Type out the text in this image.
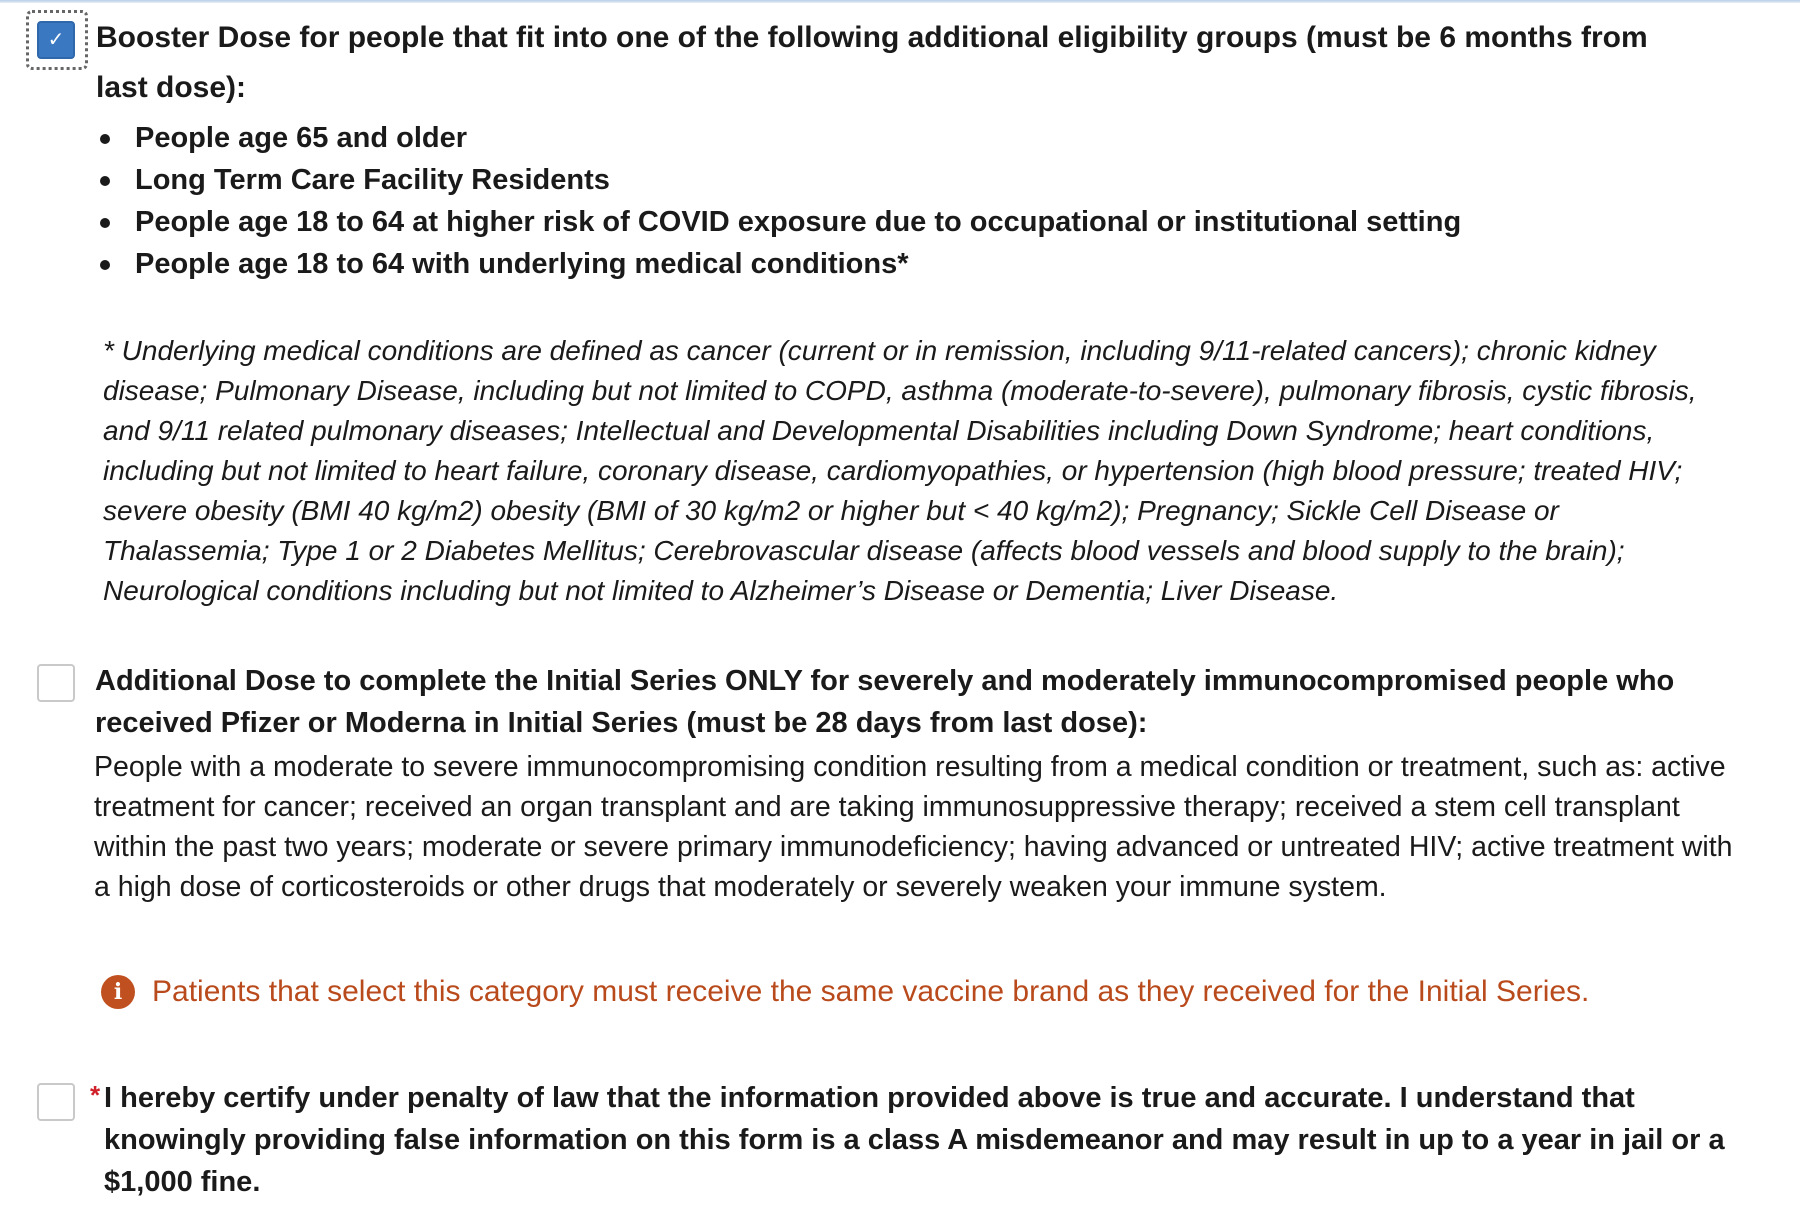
✓ Booster Dose for people that fit into one of the following additional eligibility groups (must be 6 months from last dose):

People age 65 and older
Long Term Care Facility Residents
People age 18 to 64 at higher risk of COVID exposure due to occupational or institutional setting
People age 18 to 64 with underlying medical conditions*

* Underlying medical conditions are defined as cancer (current or in remission, including 9/11-related cancers); chronic kidney disease; Pulmonary Disease, including but not limited to COPD, asthma (moderate-to-severe), pulmonary fibrosis, cystic fibrosis, and 9/11 related pulmonary diseases; Intellectual and Developmental Disabilities including Down Syndrome; heart conditions, including but not limited to heart failure, coronary disease, cardiomyopathies, or hypertension (high blood pressure; treated HIV; severe obesity (BMI 40 kg/m2) obesity (BMI of 30 kg/m2 or higher but < 40 kg/m2); Pregnancy; Sickle Cell Disease or Thalassemia; Type 1 or 2 Diabetes Mellitus; Cerebrovascular disease (affects blood vessels and blood supply to the brain); Neurological conditions including but not limited to Alzheimer’s Disease or Dementia; Liver Disease.

Additional Dose to complete the Initial Series ONLY for severely and moderately immunocompromised people who received Pfizer or Moderna in Initial Series (must be 28 days from last dose):

People with a moderate to severe immunocompromising condition resulting from a medical condition or treatment, such as: active treatment for cancer; received an organ transplant and are taking immunosuppressive therapy; received a stem cell transplant within the past two years; moderate or severe primary immunodeficiency; having advanced or untreated HIV; active treatment with a high dose of corticosteroids or other drugs that moderately or severely weaken your immune system.

i Patients that select this category must receive the same vaccine brand as they received for the Initial Series.
* I hereby certify under penalty of law that the information provided above is true and accurate. I understand that knowingly providing false information on this form is a class A misdemeanor and may result in up to a year in jail or a $1,000 fine.
